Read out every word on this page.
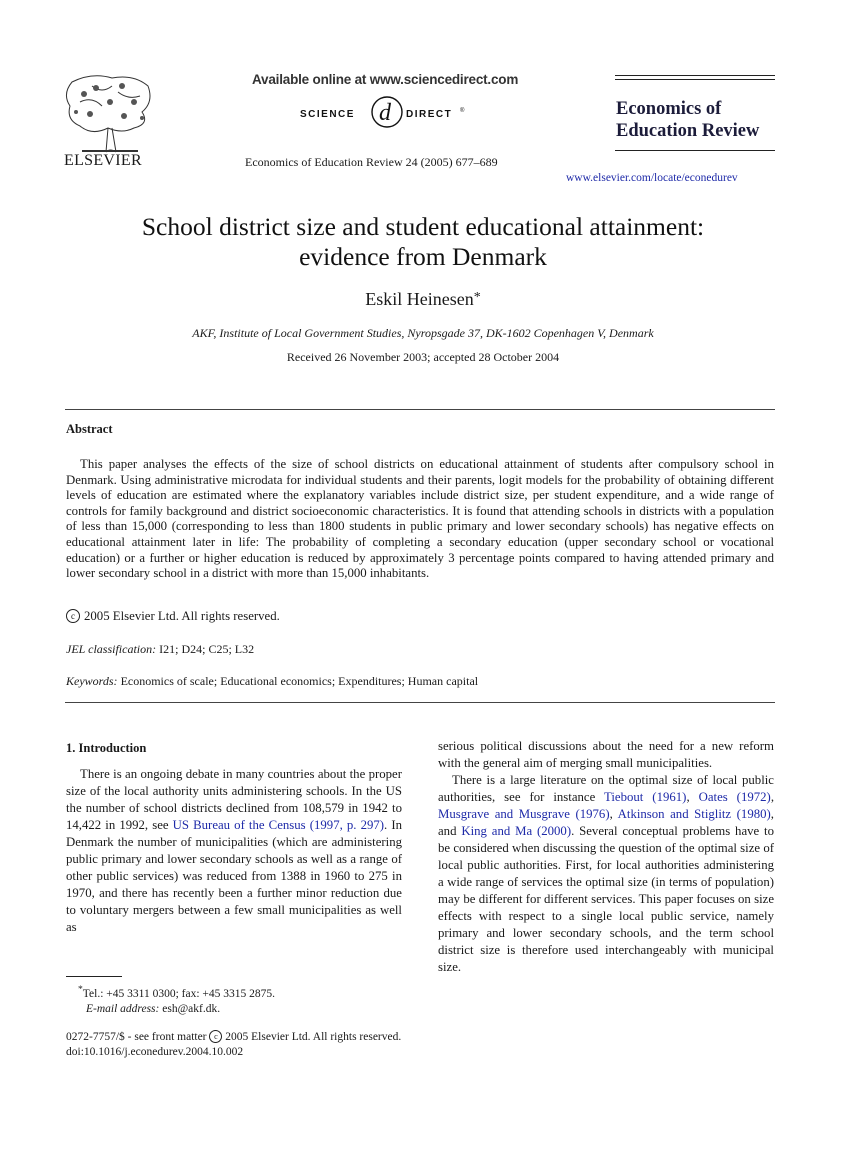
ELSEVIER
Available online at www.sciencedirect.com
SCIENCE d DIRECT ®
Economics of Education Review 24 (2005) 677–689
Economics of
Education Review
www.elsevier.com/locate/econedurev
School district size and student educational attainment:
evidence from Denmark
Eskil Heinesen*
AKF, Institute of Local Government Studies, Nyropsgade 37, DK-1602 Copenhagen V, Denmark
Received 26 November 2003; accepted 28 October 2004
Abstract
This paper analyses the effects of the size of school districts on educational attainment of students after compulsory school in Denmark. Using administrative microdata for individual students and their parents, logit models for the probability of obtaining different levels of education are estimated where the explanatory variables include district size, per student expenditure, and a wide range of controls for family background and district socioeconomic characteristics. It is found that attending schools in districts with a population of less than 15,000 (corresponding to less than 1800 students in public primary and lower secondary schools) has negative effects on educational attainment later in life: The probability of completing a secondary education (upper secondary school or vocational education) or a further or higher education is reduced by approximately 3 percentage points compared to having attended primary and lower secondary school in a district with more than 15,000 inhabitants.
c 2005 Elsevier Ltd. All rights reserved.
JEL classification: I21; D24; C25; L32
Keywords: Economics of scale; Educational economics; Expenditures; Human capital
1. Introduction

There is an ongoing debate in many countries about the proper size of the local authority units administering schools. In the US the number of school districts declined from 108,579 in 1942 to 14,422 in 1992, see US Bureau of the Census (1997, p. 297). In Denmark the number of municipalities (which are administering public primary and lower secondary schools as well as a range of other public services) was reduced from 1388 in 1960 to 275 in 1970, and there has recently been a further minor reduction due to voluntary mergers between a few small municipalities as well as

serious political discussions about the need for a new reform with the general aim of merging small municipalities.

There is a large literature on the optimal size of local public authorities, see for instance Tiebout (1961), Oates (1972), Musgrave and Musgrave (1976), Atkinson and Stiglitz (1980), and King and Ma (2000). Several conceptual problems have to be considered when discussing the question of the optimal size of local public authorities. First, for local authorities administering a wide range of services the optimal size (in terms of population) may be different for different services. This paper focuses on size effects with respect to a single local public service, namely primary and lower secondary schools, and the term school district size is therefore used interchangeably with municipal size.

*Tel.: +45 3311 0300; fax: +45 3315 2875.
E-mail address: esh@akf.dk.
0272-7757/$ - see front matter c 2005 Elsevier Ltd. All rights reserved.
doi:10.1016/j.econedurev.2004.10.002
